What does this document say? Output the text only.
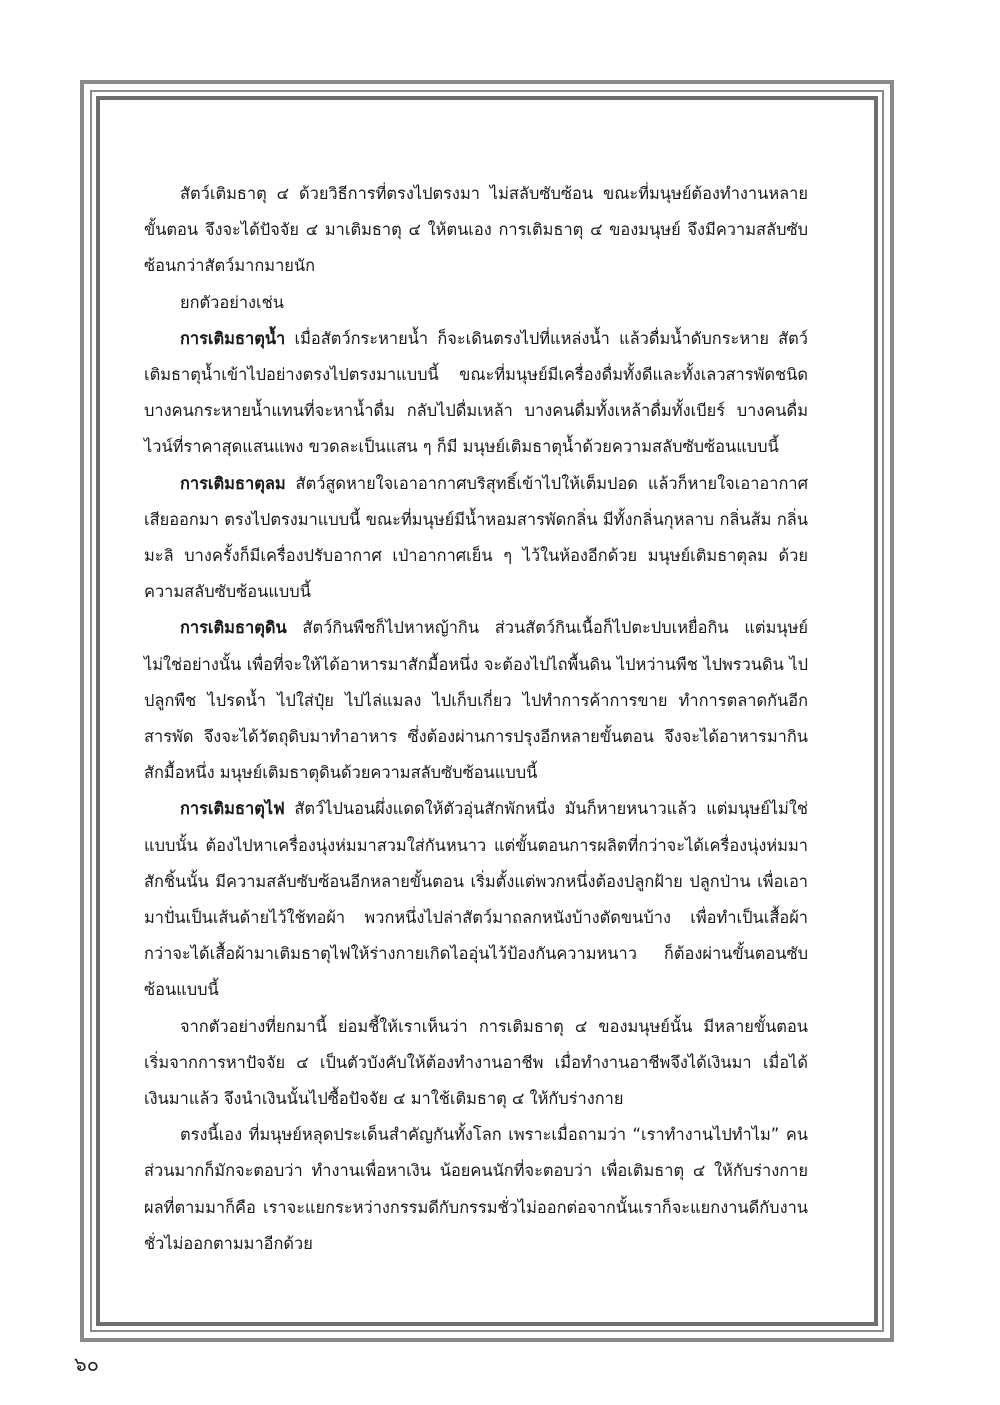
สัตว์เติมธาตุ ๔ ด้วยวิธีการที่ตรงไปตรงมา ไม่สลับซับซ้อน ขณะที่มนุษย์ต้องทำงานหลายขั้นตอน จึงจะได้ปัจจัย ๔ มาเติมธาตุ ๔ ให้ตนเอง การเติมธาตุ ๔ ของมนุษย์ จึงมีความสลับซับซ้อนกว่าสัตว์มากมายนัก

ยกตัวอย่างเช่น

การเติมธาตุน้ำ เมื่อสัตว์กระหายน้ำ ก็จะเดินตรงไปที่แหล่งน้ำ แล้วดื่มน้ำดับกระหาย สัตว์เติมธาตุน้ำเข้าไปอย่างตรงไปตรงมาแบบนี้ ขณะที่มนุษย์มีเครื่องดื่มทั้งดีและทั้งเลวสารพัดชนิด บางคนกระหายน้ำแทนที่จะหาน้ำดื่ม กลับไปดื่มเหล้า บางคนดื่มทั้งเหล้าดื่มทั้งเบียร์ บางคนดื่มไวน์ที่ราคาสุดแสนแพง ขวดละเป็นแสน ๆ ก็มี มนุษย์เติมธาตุน้ำด้วยความสลับซับซ้อนแบบนี้

การเติมธาตุลม สัตว์สูดหายใจเอาอากาศบริสุทธิ์เข้าไปให้เต็มปอด แล้วก็หายใจเอาอากาศเสียออกมา ตรงไปตรงมาแบบนี้ ขณะที่มนุษย์มีน้ำหอมสารพัดกลิ่น มีทั้งกลิ่นกุหลาบ กลิ่นส้ม กลิ่นมะลิ บางครั้งก็มีเครื่องปรับอากาศ เป่าอากาศเย็น ๆ ไว้ในห้องอีกด้วย มนุษย์เติมธาตุลม ด้วยความสลับซับซ้อนแบบนี้

การเติมธาตุดิน สัตว์กินพืชก็ไปหาหญ้ากิน ส่วนสัตว์กินเนื้อก็ไปตะปบเหยื่อกิน แต่มนุษย์ไม่ใช่อย่างนั้น เพื่อที่จะให้ได้อาหารมาสักมื้อหนึ่ง จะต้องไปไถพื้นดิน ไปหว่านพืช ไปพรวนดิน ไปปลูกพืช ไปรดน้ำ ไปใส่ปุ๋ย ไปไล่แมลง ไปเก็บเกี่ยว ไปทำการค้าการขาย ทำการตลาดกันอีกสารพัด จึงจะได้วัตถุดิบมาทำอาหาร ซึ่งต้องผ่านการปรุงอีกหลายขั้นตอน จึงจะได้อาหารมากินสักมื้อหนึ่ง มนุษย์เติมธาตุดินด้วยความสลับซับซ้อนแบบนี้

การเติมธาตุไฟ สัตว์ไปนอนผึ่งแดดให้ตัวอุ่นสักพักหนึ่ง มันก็หายหนาวแล้ว แต่มนุษย์ไม่ใช่แบบนั้น ต้องไปหาเครื่องนุ่งห่มมาสวมใส่กันหนาว แต่ขั้นตอนการผลิตที่กว่าจะได้เครื่องนุ่งห่มมาสักชิ้นนั้น มีความสลับซับซ้อนอีกหลายขั้นตอน เริ่มตั้งแต่พวกหนึ่งต้องปลูกฝ้าย ปลูกป่าน เพื่อเอามาปั่นเป็นเส้นด้ายไว้ใช้ทอผ้า พวกหนึ่งไปล่าสัตว์มาถลกหนังบ้างตัดขนบ้าง เพื่อทำเป็นเสื้อผ้า กว่าจะได้เสื้อผ้ามาเติมธาตุไฟให้ร่างกายเกิดไออุ่นไว้ป้องกันความหนาว ก็ต้องผ่านขั้นตอนซับซ้อนแบบนี้

จากตัวอย่างที่ยกมานี้ ย่อมชี้ให้เราเห็นว่า การเติมธาตุ ๔ ของมนุษย์นั้น มีหลายขั้นตอน เริ่มจากการหาปัจจัย ๔ เป็นตัวบังคับให้ต้องทำงานอาชีพ เมื่อทำงานอาชีพจึงได้เงินมา เมื่อได้เงินมาแล้ว จึงนำเงินนั้นไปซื้อปัจจัย ๔ มาใช้เติมธาตุ ๔ ให้กับร่างกาย

ตรงนี้เอง ที่มนุษย์หลุดประเด็นสำคัญกันทั้งโลก เพราะเมื่อถามว่า “เราทำงานไปทำไม” คนส่วนมากก็มักจะตอบว่า ทำงานเพื่อหาเงิน น้อยคนนักที่จะตอบว่า เพื่อเติมธาตุ ๔ ให้กับร่างกาย ผลที่ตามมาก็คือ เราจะแยกระหว่างกรรมดีกับกรรมชั่วไม่ออกต่อจากนั้นเราก็จะแยกงานดีกับงานชั่วไม่ออกตามมาอีกด้วย

๖๐
